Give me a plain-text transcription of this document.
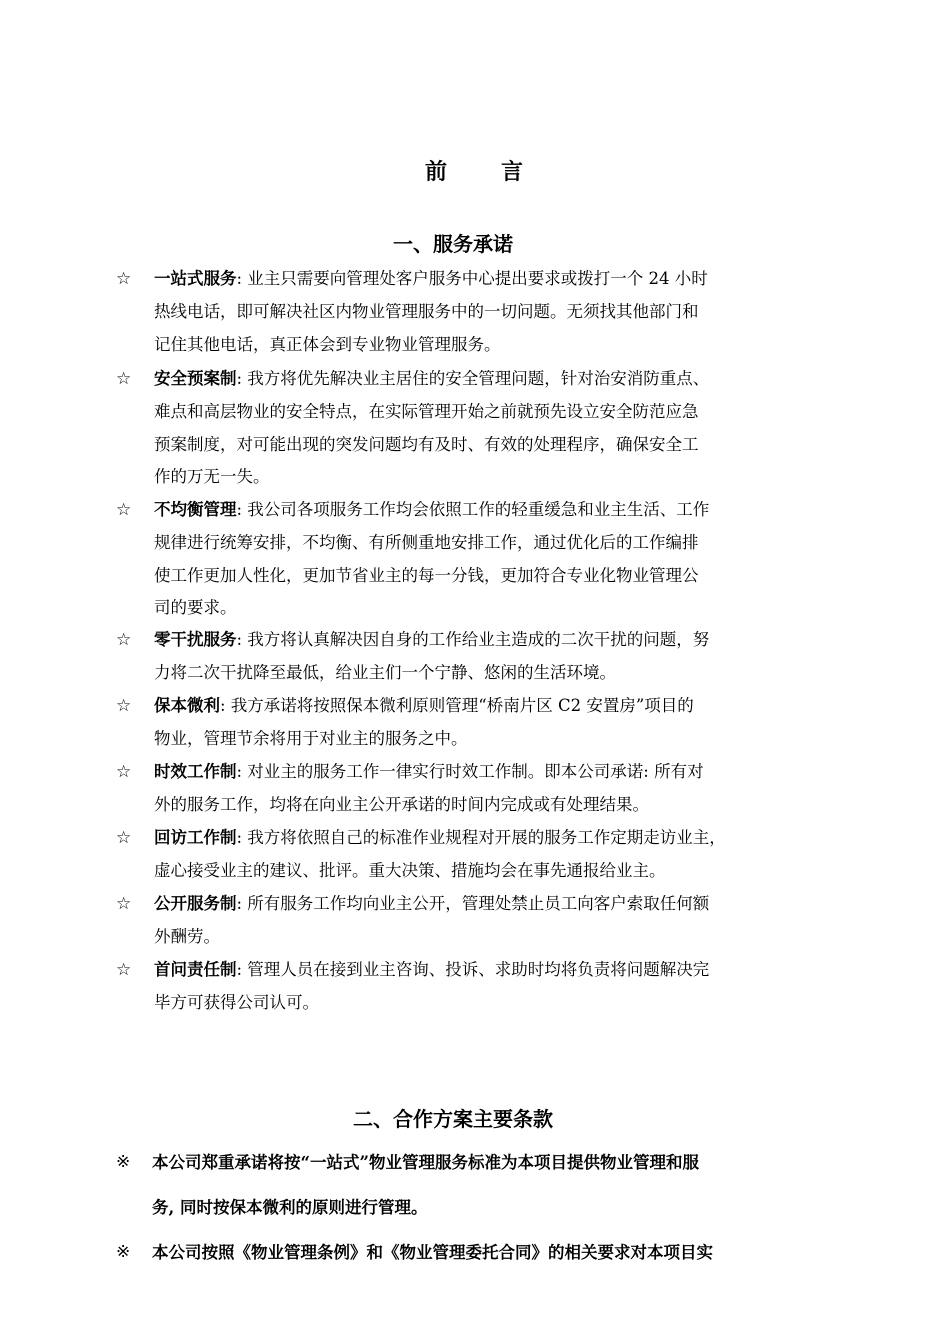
前 言
一、服务承诺
☆	一站式服务: 业主只需要向管理处客户服务中心提出要求或拨打一个 24 小时
热线电话，即可解决社区内物业管理服务中的一切问题。无须找其他部门和
记住其他电话，真正体会到专业物业管理服务。
☆	安全预案制: 我方将优先解决业主居住的安全管理问题，针对治安消防重点、
难点和高层物业的安全特点，在实际管理开始之前就预先设立安全防范应急
预案制度，对可能出现的突发问题均有及时、有效的处理程序，确保安全工
作的万无一失。
☆	不均衡管理: 我公司各项服务工作均会依照工作的轻重缓急和业主生活、工作
规律进行统筹安排，不均衡、有所侧重地安排工作，通过优化后的工作编排
使工作更加人性化，更加节省业主的每一分钱，更加符合专业化物业管理公
司的要求。
☆	零干扰服务: 我方将认真解决因自身的工作给业主造成的二次干扰的问题，努
力将二次干扰降至最低，给业主们一个宁静、悠闲的生活环境。
☆	保本微利: 我方承诺将按照保本微利原则管理“桥南片区 C2 安置房”项目的
物业，管理节余将用于对业主的服务之中。
☆	时效工作制: 对业主的服务工作一律实行时效工作制。即本公司承诺: 所有对
外的服务工作，均将在向业主公开承诺的时间内完成或有处理结果。
☆	回访工作制: 我方将依照自己的标准作业规程对开展的服务工作定期走访业主，
虚心接受业主的建议、批评。重大决策、措施均会在事先通报给业主。
☆	公开服务制: 所有服务工作均向业主公开，管理处禁止员工向客户索取任何额
外酬劳。
☆	首问责任制: 管理人员在接到业主咨询、投诉、求助时均将负责将问题解决完
毕方可获得公司认可。
二、合作方案主要条款
※	本公司郑重承诺将按“一站式”物业管理服务标准为本项目提供物业管理和服
务, 同时按保本微利的原则进行管理。
※	本公司按照《物业管理条例》和《物业管理委托合同》的相关要求对本项目实
